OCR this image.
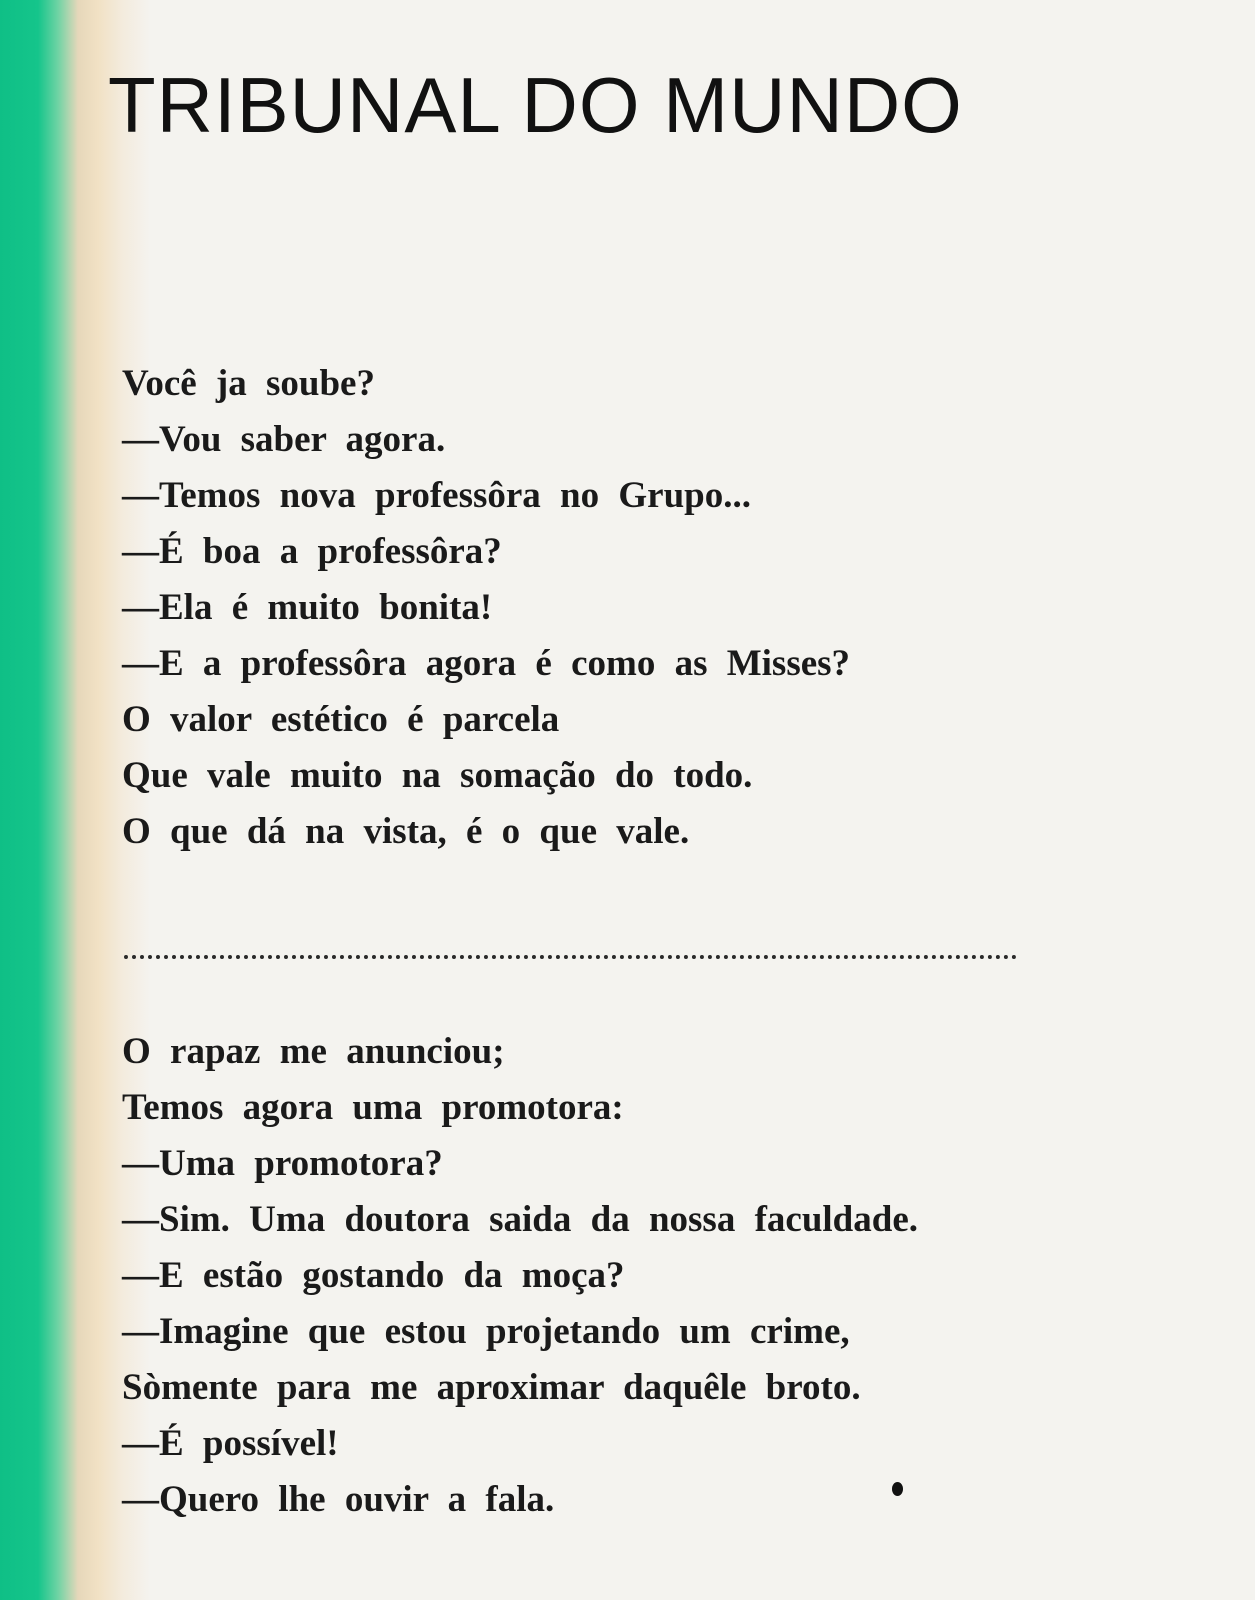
TRIBUNAL DO MUNDO
Você ja soube?
—Vou saber agora.
—Temos nova professôra no Grupo...
—É boa a professôra?
—Ela é muito bonita!
—E a professôra agora é como as Misses?
O valor estético é parcela
Que vale muito na somação do todo.
O que dá na vista, é o que vale.
O rapaz me anunciou;
Temos agora uma promotora:
—Uma promotora?
—Sim. Uma doutora saida da nossa faculdade.
—E estão gostando da moça?
—Imagine que estou projetando um crime,
Sòmente para me aproximar daquêle broto.
—É possível!
—Quero lhe ouvir a fala.
